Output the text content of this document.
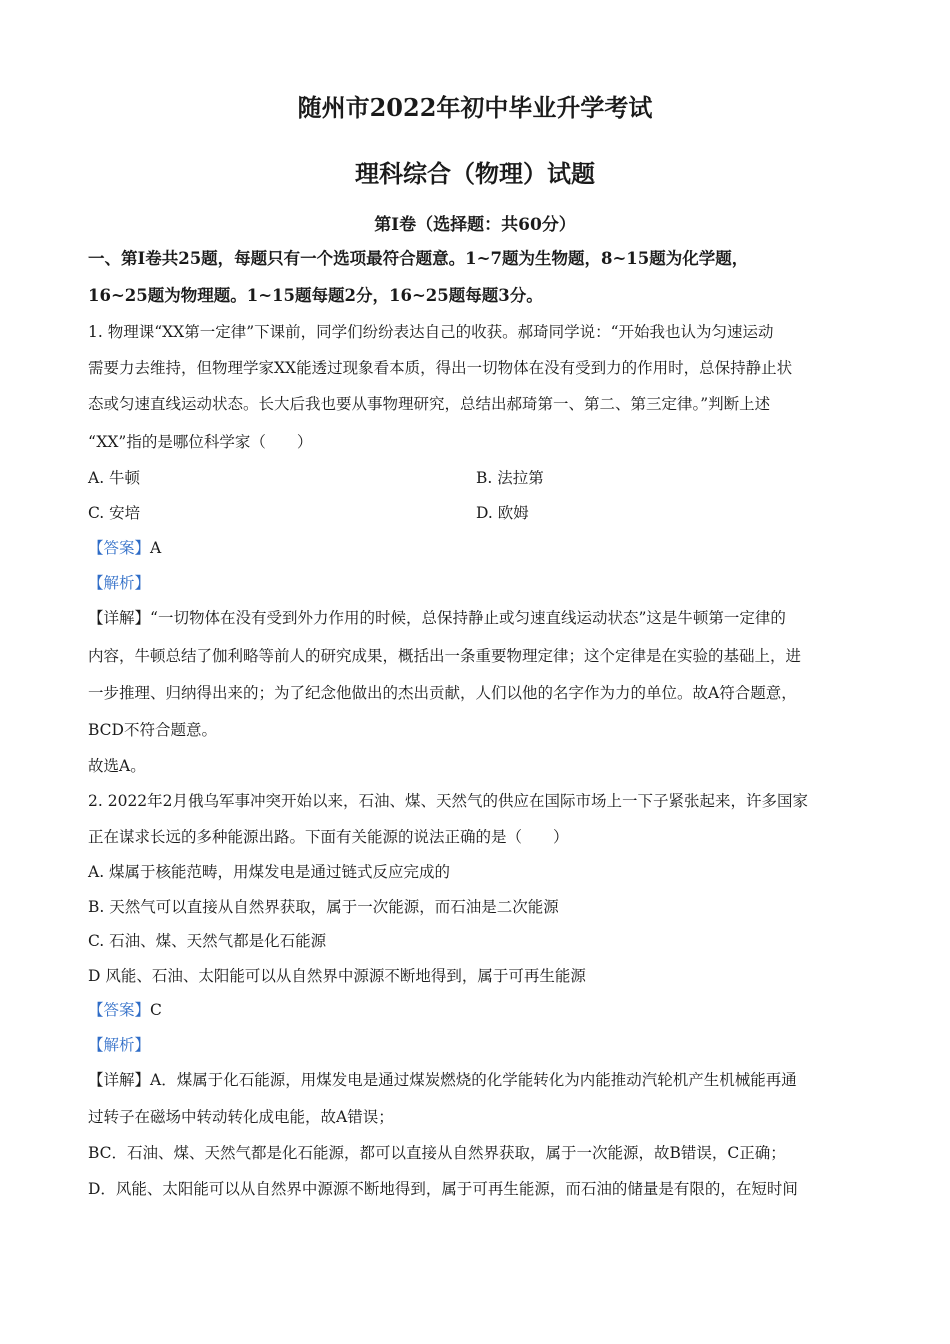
随州市2022年初中毕业升学考试
理科综合（物理）试题
第I卷（选择题：共60分）
一、第I卷共25题，每题只有一个选项最符合题意。1~7题为生物题，8~15题为化学题，
16~25题为物理题。1~15题每题2分，16~25题每题3分。
1. 物理课“XX第一定律”下课前，同学们纷纷表达自己的收获。郝琦同学说：“开始我也认为匀速运动
需要力去维持，但物理学家XX能透过现象看本质，得出一切物体在没有受到力的作用时，总保持静止状
态或匀速直线运动状态。长大后我也要从事物理研究，总结出郝琦第一、第二、第三定律。”判断上述
“XX”指的是哪位科学家（　　）
A. 牛顿	B. 法拉第
C. 安培	D. 欧姆
【答案】A
【解析】
【详解】“一切物体在没有受到外力作用的时候，总保持静止或匀速直线运动状态”这是牛顿第一定律的
内容，牛顿总结了伽利略等前人的研究成果，概括出一条重要物理定律；这个定律是在实验的基础上，进
一步推理、归纳得出来的；为了纪念他做出的杰出贡献，人们以他的名字作为力的单位。故A符合题意，
BCD不符合题意。
故选A。
2. 2022年2月俄乌军事冲突开始以来，石油、煤、天然气的供应在国际市场上一下子紧张起来，许多国家
正在谋求长远的多种能源出路。下面有关能源的说法正确的是（　　）
A. 煤属于核能范畴，用煤发电是通过链式反应完成的
B. 天然气可以直接从自然界获取，属于一次能源，而石油是二次能源
C. 石油、煤、天然气都是化石能源
D 风能、石油、太阳能可以从自然界中源源不断地得到，属于可再生能源
【答案】C
【解析】
【详解】A．煤属于化石能源，用煤发电是通过煤炭燃烧的化学能转化为内能推动汽轮机产生机械能再通
过转子在磁场中转动转化成电能，故A错误；
BC．石油、煤、天然气都是化石能源，都可以直接从自然界获取，属于一次能源，故B错误，C正确；
D．风能、太阳能可以从自然界中源源不断地得到，属于可再生能源，而石油的储量是有限的，在短时间
